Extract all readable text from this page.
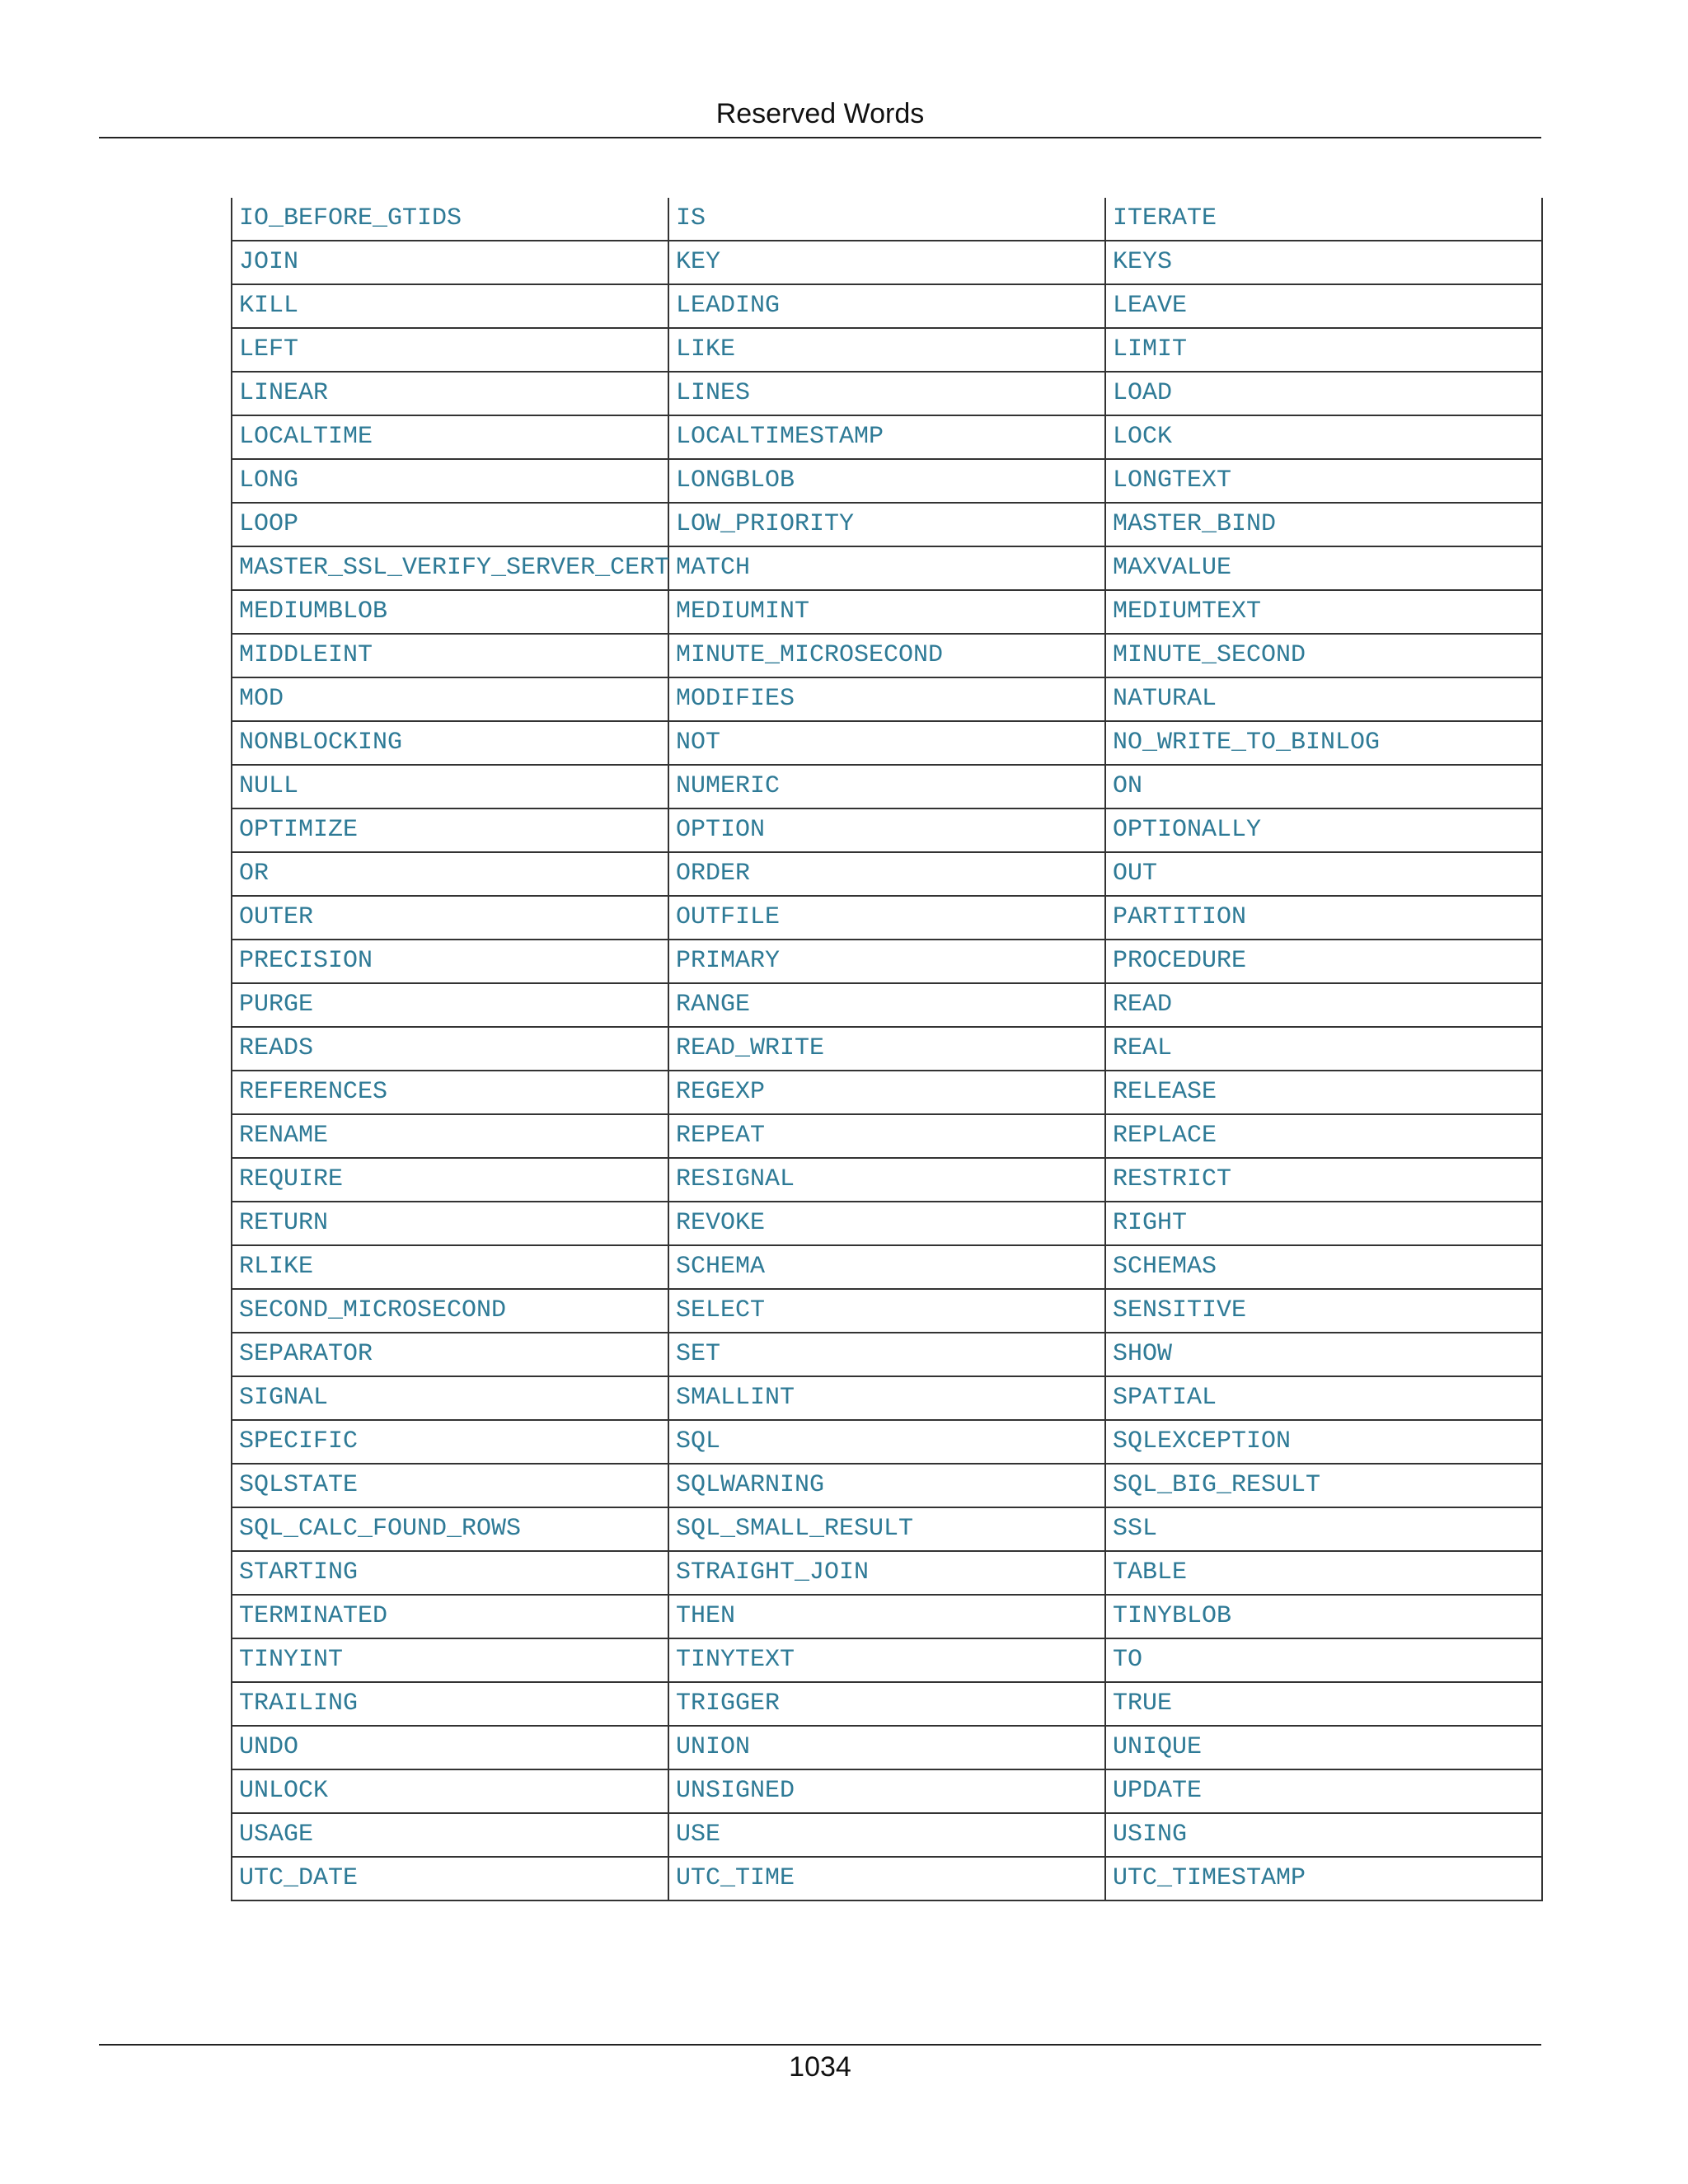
Reserved Words
IO_BEFORE_GTIDS	IS	ITERATE
JOIN	KEY	KEYS
KILL	LEADING	LEAVE
LEFT	LIKE	LIMIT
LINEAR	LINES	LOAD
LOCALTIME	LOCALTIMESTAMP	LOCK
LONG	LONGBLOB	LONGTEXT
LOOP	LOW_PRIORITY	MASTER_BIND
MASTER_SSL_VERIFY_SERVER_CERT	MATCH	MAXVALUE
MEDIUMBLOB	MEDIUMINT	MEDIUMTEXT
MIDDLEINT	MINUTE_MICROSECOND	MINUTE_SECOND
MOD	MODIFIES	NATURAL
NONBLOCKING	NOT	NO_WRITE_TO_BINLOG
NULL	NUMERIC	ON
OPTIMIZE	OPTION	OPTIONALLY
OR	ORDER	OUT
OUTER	OUTFILE	PARTITION
PRECISION	PRIMARY	PROCEDURE
PURGE	RANGE	READ
READS	READ_WRITE	REAL
REFERENCES	REGEXP	RELEASE
RENAME	REPEAT	REPLACE
REQUIRE	RESIGNAL	RESTRICT
RETURN	REVOKE	RIGHT
RLIKE	SCHEMA	SCHEMAS
SECOND_MICROSECOND	SELECT	SENSITIVE
SEPARATOR	SET	SHOW
SIGNAL	SMALLINT	SPATIAL
SPECIFIC	SQL	SQLEXCEPTION
SQLSTATE	SQLWARNING	SQL_BIG_RESULT
SQL_CALC_FOUND_ROWS	SQL_SMALL_RESULT	SSL
STARTING	STRAIGHT_JOIN	TABLE
TERMINATED	THEN	TINYBLOB
TINYINT	TINYTEXT	TO
TRAILING	TRIGGER	TRUE
UNDO	UNION	UNIQUE
UNLOCK	UNSIGNED	UPDATE
USAGE	USE	USING
UTC_DATE	UTC_TIME	UTC_TIMESTAMP
1034
